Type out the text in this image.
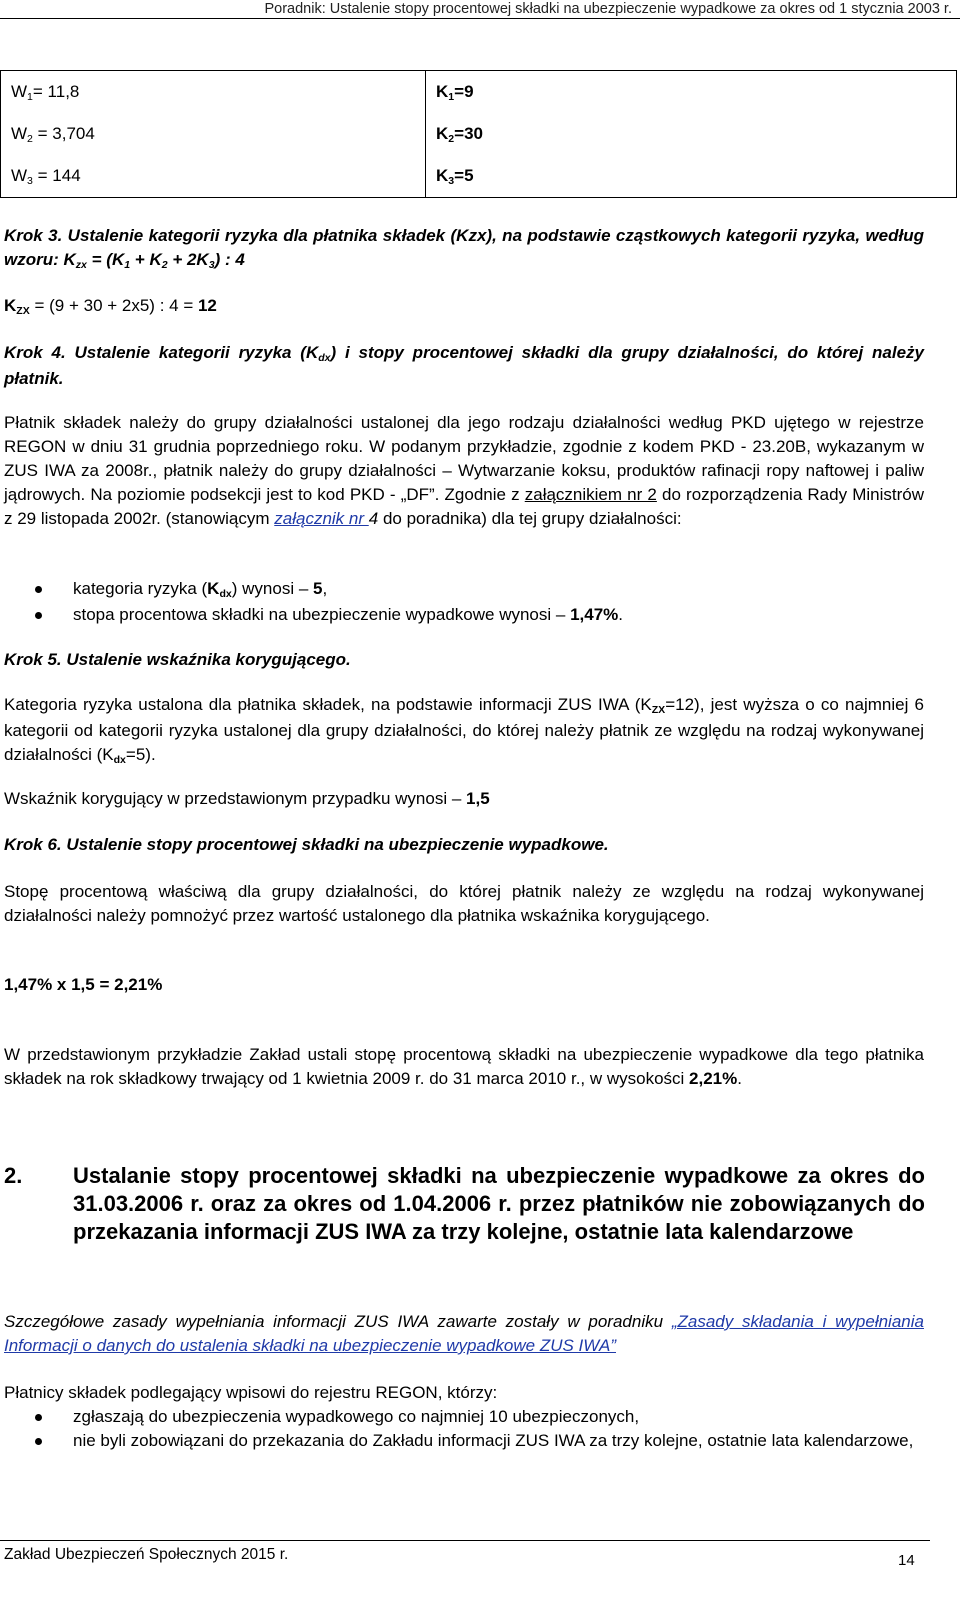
Poradnik: Ustalenie stopy procentowej składki na ubezpieczenie wypadkowe za okres od 1 stycznia 2003 r.
W1= 11,8	K1=9
W2 = 3,704	K2=30
W3 = 144	K3=5

Krok 3. Ustalenie kategorii ryzyka dla płatnika składek (Kzx), na podstawie cząstkowych kategorii ryzyka, według wzoru: Kzx = (K1 + K2 + 2K3) : 4

KZX = (9 + 30 + 2x5) : 4 = 12

Krok 4. Ustalenie kategorii ryzyka (Kdx) i stopy procentowej składki dla grupy działalności, do której należy płatnik.

Płatnik składek należy do grupy działalności ustalonej dla jego rodzaju działalności według PKD ujętego w rejestrze REGON w dniu 31 grudnia poprzedniego roku. W podanym przykładzie, zgodnie z kodem PKD - 23.20B, wykazanym w ZUS IWA za 2008r., płatnik należy do grupy działalności – Wytwarzanie koksu, produktów rafinacji ropy naftowej i paliw jądrowych. Na poziomie podsekcji jest to kod PKD - „DF”. Zgodnie z załącznikiem nr 2 do rozporządzenia Rady Ministrów z 29 listopada 2002r. (stanowiącym załącznik nr 4 do poradnika) dla tej grupy działalności:

kategoria ryzyka (Kdx) wynosi – 5,
stopa procentowa składki na ubezpieczenie wypadkowe wynosi – 1,47%.

Krok 5. Ustalenie wskaźnika korygującego.

Kategoria ryzyka ustalona dla płatnika składek, na podstawie informacji ZUS IWA (KZX=12), jest wyższa o co najmniej 6 kategorii od kategorii ryzyka ustalonej dla grupy działalności, do której należy płatnik ze względu na rodzaj wykonywanej działalności (Kdx=5).

Wskaźnik korygujący w przedstawionym przypadku wynosi – 1,5

Krok 6. Ustalenie stopy procentowej składki na ubezpieczenie wypadkowe.

Stopę procentową właściwą dla grupy działalności, do której płatnik należy ze względu na rodzaj wykonywanej działalności należy pomnożyć przez wartość ustalonego dla płatnika wskaźnika korygującego.

1,47% x 1,5 = 2,21%

W przedstawionym przykładzie Zakład ustali stopę procentową składki na ubezpieczenie wypadkowe dla tego płatnika składek na rok składkowy trwający od 1 kwietnia 2009 r. do 31 marca 2010 r., w wysokości 2,21%.

2. Ustalanie stopy procentowej składki na ubezpieczenie wypadkowe za okres do 31.03.2006 r. oraz za okres od 1.04.2006 r. przez płatników nie zobowiązanych do przekazania informacji ZUS IWA za trzy kolejne, ostatnie lata kalendarzowe

Szczegółowe zasady wypełniania informacji ZUS IWA zawarte zostały w poradniku „Zasady składania i wypełniania Informacji o danych do ustalenia składki na ubezpieczenie wypadkowe ZUS IWA”

Płatnicy składek podlegający wpisowi do rejestru REGON, którzy:

zgłaszają do ubezpieczenia wypadkowego co najmniej 10 ubezpieczonych,
nie byli zobowiązani do przekazania do Zakładu informacji ZUS IWA za trzy kolejne, ostatnie lata kalendarzowe,
Zakład Ubezpieczeń Społecznych 2015 r.	14
